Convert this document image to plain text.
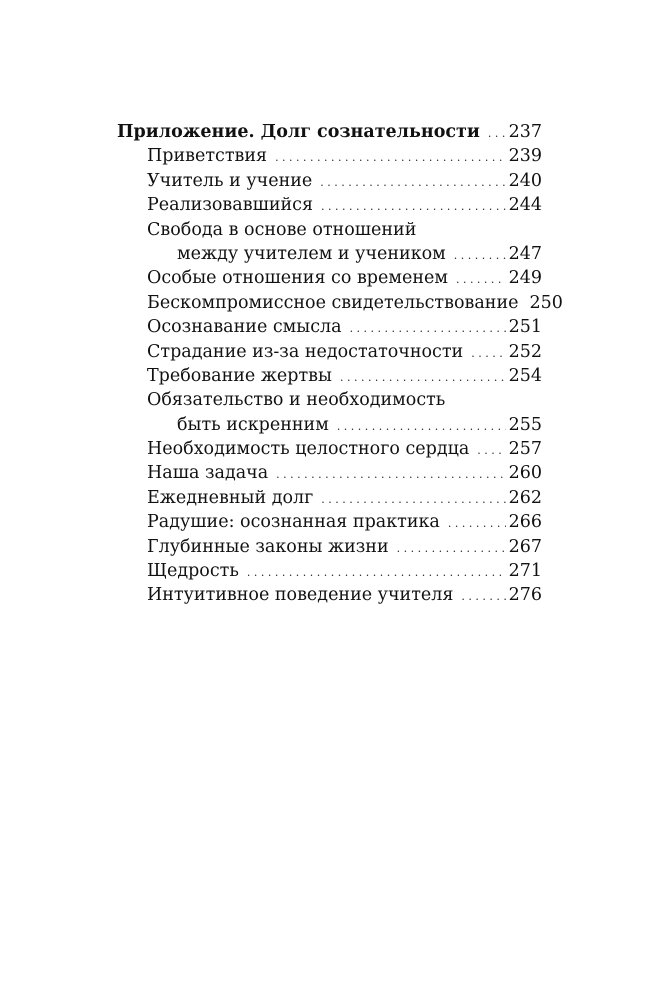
Приложение. Долг сознательности . . . 237
Приветствия . . .	239
Учитель и учение . . .	240
Реализовавшийся . . .	244
Свобода в основе отношений
между учителем и учеником . . .	247
Особые отношения со временем . . .	249
Бескомпромиссное свидетельствование 250
Осознавание смысла . . .	251
Страдание из-за недостаточности . . .	252
Требование жертвы . . .	254
Обязательство и необходимость
быть искренним . . .	255
Необходимость целостного сердца . . . 257
Наша задача . . .	260
Ежедневный долг . . .	262
Радушие: осознанная практика . . .	266
Глубинные законы жизни . . .	267
Щедрость . . .	271
Интуитивное поведение учителя . . .	276
